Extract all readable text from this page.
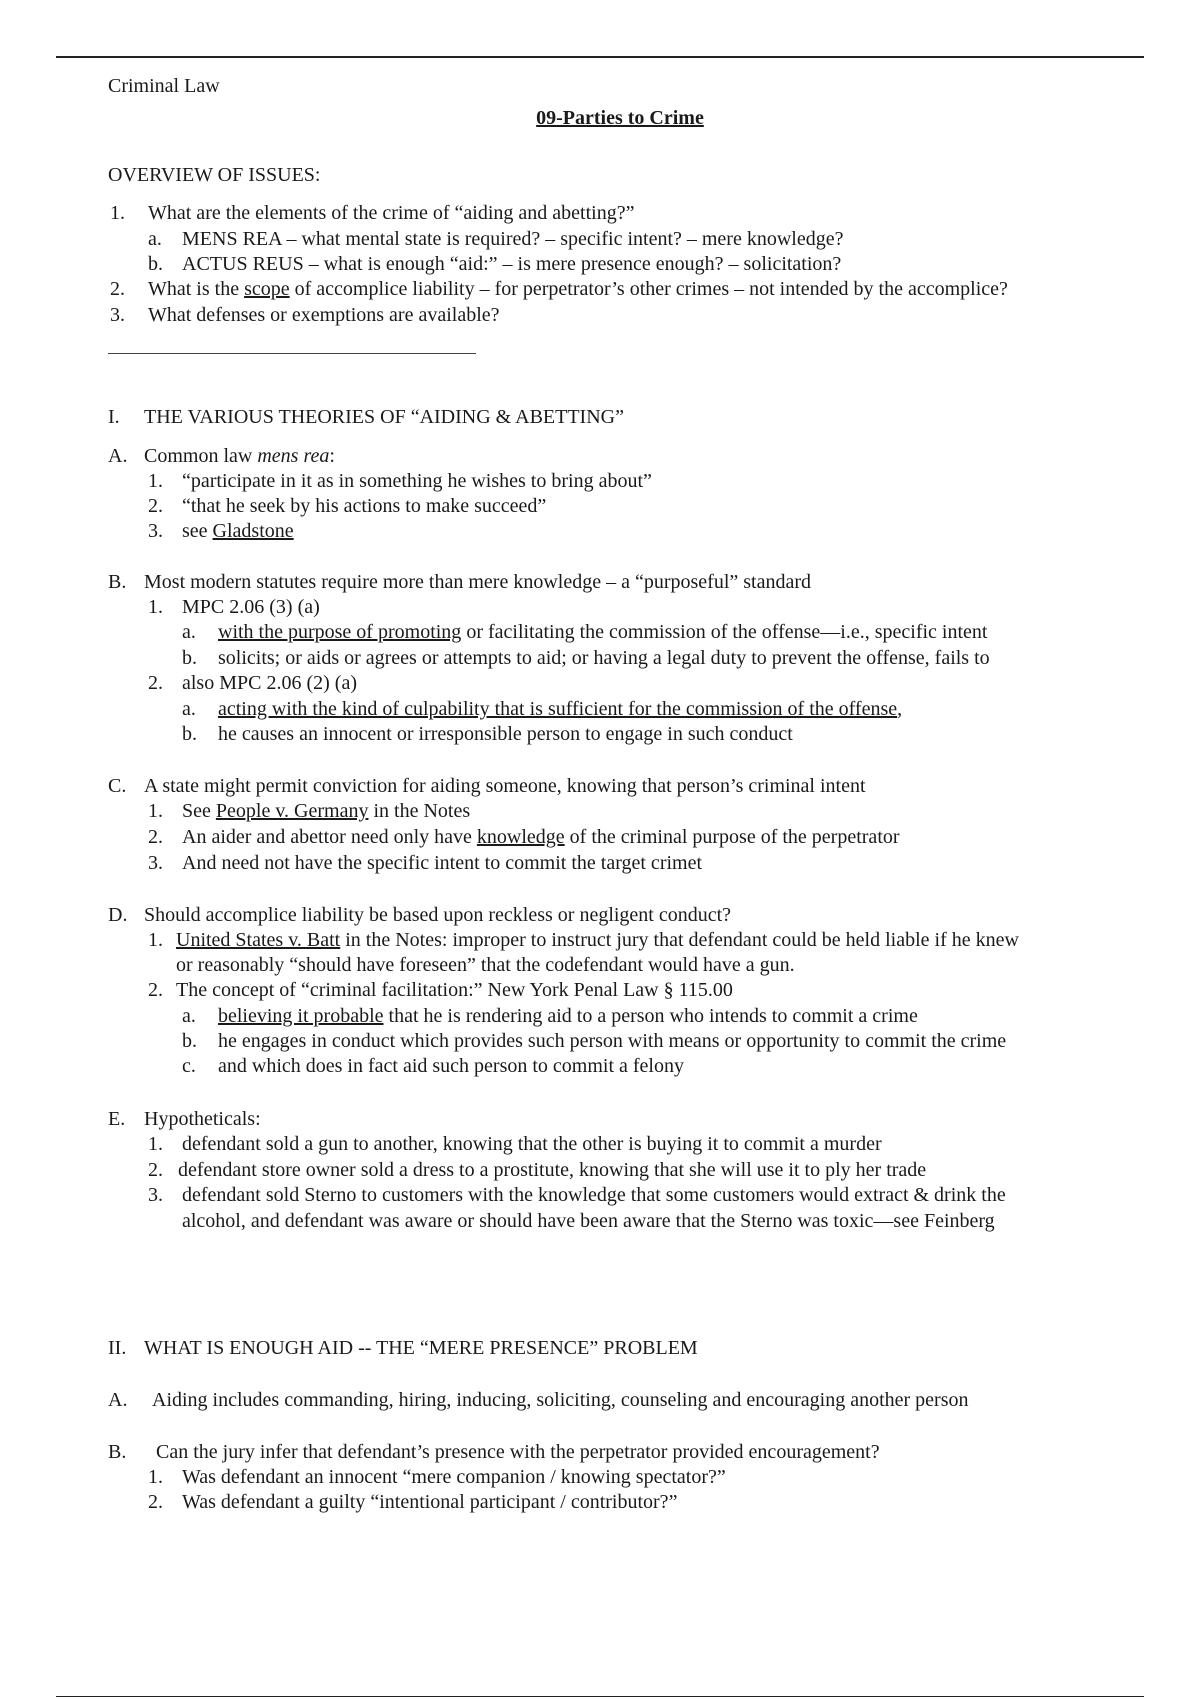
Criminal Law
09-Parties to Crime
OVERVIEW OF ISSUES:
1. What are the elements of the crime of “aiding and abetting?”
a. MENS REA – what mental state is required? – specific intent? – mere knowledge?
b. ACTUS REUS – what is enough “aid:” – is mere presence enough? – solicitation?
2. What is the scope of accomplice liability – for perpetrator’s other crimes – not intended by the accomplice?
3. What defenses or exemptions are available?
I. THE VARIOUS THEORIES OF “AIDING & ABETTING”
A. Common law mens rea:
1. “participate in it as in something he wishes to bring about”
2. “that he seek by his actions to make succeed”
3. see Gladstone
B. Most modern statutes require more than mere knowledge – a “purposeful” standard
1. MPC 2.06 (3) (a)
a. with the purpose of promoting or facilitating the commission of the offense—i.e., specific intent
b. solicits; or aids or agrees or attempts to aid; or having a legal duty to prevent the offense, fails to
2. also MPC 2.06 (2) (a)
a. acting with the kind of culpability that is sufficient for the commission of the offense,
b. he causes an innocent or irresponsible person to engage in such conduct
C. A state might permit conviction for aiding someone, knowing that person’s criminal intent
1. See People v. Germany in the Notes
2. An aider and abettor need only have knowledge of the criminal purpose of the perpetrator
3. And need not have the specific intent to commit the target crimet
D. Should accomplice liability be based upon reckless or negligent conduct?
1. United States v. Batt in the Notes: improper to instruct jury that defendant could be held liable if he knew
or reasonably “should have foreseen” that the codefendant would have a gun.
2. The concept of “criminal facilitation:” New York Penal Law § 115.00
a. believing it probable that he is rendering aid to a person who intends to commit a crime
b. he engages in conduct which provides such person with means or opportunity to commit the crime
c. and which does in fact aid such person to commit a felony
E. Hypotheticals:
1. defendant sold a gun to another, knowing that the other is buying it to commit a murder
2. defendant store owner sold a dress to a prostitute, knowing that she will use it to ply her trade
3. defendant sold Sterno to customers with the knowledge that some customers would extract & drink the
alcohol, and defendant was aware or should have been aware that the Sterno was toxic—see Feinberg
II. WHAT IS ENOUGH AID -- THE “MERE PRESENCE” PROBLEM
A. Aiding includes commanding, hiring, inducing, soliciting, counseling and encouraging another person
B. Can the jury infer that defendant’s presence with the perpetrator provided encouragement?
1. Was defendant an innocent “mere companion / knowing spectator?”
2. Was defendant a guilty “intentional participant / contributor?”
